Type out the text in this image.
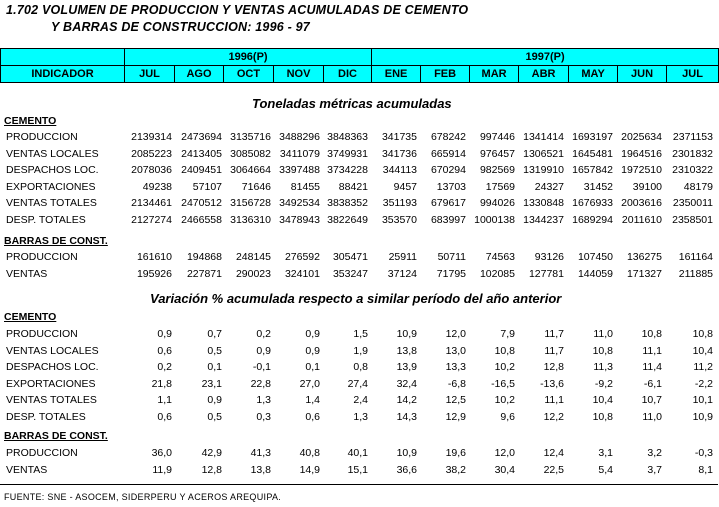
1.702 VOLUMEN DE PRODUCCION Y VENTAS ACUMULADAS DE CEMENTO
Y BARRAS DE CONSTRUCCION: 1996 - 97
	1996(P)					1997(P)						
INDICADOR	JUL	AGO	OCT	NOV	DIC	ENE	FEB	MAR	ABR	MAY	JUN	JUL
Toneladas métricas acumuladas
CEMENTO
BARRAS DE CONST.
Variación % acumulada respecto a similar período del año anterior
CEMENTO
BARRAS DE CONST.
PRODUCCION	2139314 2473694 3135716 3488296 3848363 341735 678242 997446 1341414 1693197 2025634 2371153
VENTAS LOCALES	2085223 2413405 3085082 3411079 3749931 341736 665914 976457 1306521 1645481 1964516 2301832
DESPACHOS LOC.	2078036 2409451 3064664 3397488 3734228 344113 670294 982569 1319910 1657842 1972510 2310322
EXPORTACIONES	49238 57107 71646 81455 88421 9457 13703 17569 24327 31452 39100 48179
VENTAS TOTALES	2134461 2470512 3156728 3492534 3838352 351193 679617 994026 1330848 1676933 2003616 2350011
DESP. TOTALES	2127274 2466558 3136310 3478943 3822649 353570 683997 1000138 1344237 1689294 2011610 2358501
PRODUCCION	161610 194868 248145 276592 305471 25911 50711 74563 93126 107450 136275 161164
VENTAS	195926 227871 290023 324101 353247 37124 71795 102085 127781 144059 171327 211885
PRODUCCION	0,9	0,7	0,2	0,9	1,5	10,9	12,0	7,9	11,7	11,0	10,8	10,8
VENTAS LOCALES	0,6	0,5	0,9	0,9	1,9	13,8	13,0	10,8	11,7	10,8	11,1	10,4
DESPACHOS LOC.	0,2	0,1	-0,1	0,1	0,8	13,9	13,3	10,2	12,8	11,3	11,4	11,2
EXPORTACIONES	21,8	23,1	22,8	27,0	27,4	32,4	-6,8 -16,5 -13,6	-9,2	-6,1	-2,2
VENTAS TOTALES	1,1	0,9	1,3	1,4	2,4	14,2	12,5	10,2	11,1	10,4	10,7	10,1
DESP. TOTALES	0,6	0,5	0,3	0,6	1,3	14,3	12,9	9,6	12,2	10,8	11,0	10,9
PRODUCCION	36,0	42,9	41,3	40,8	40,1	10,9	19,6	12,0	12,4	3,1	3,2	-0,3
VENTAS	11,9	12,8	13,8	14,9	15,1	36,6	38,2	30,4	22,5	5,4	3,7	8,1
FUENTE: SNE - ASOCEM, SIDERPERU Y ACEROS AREQUIPA.
